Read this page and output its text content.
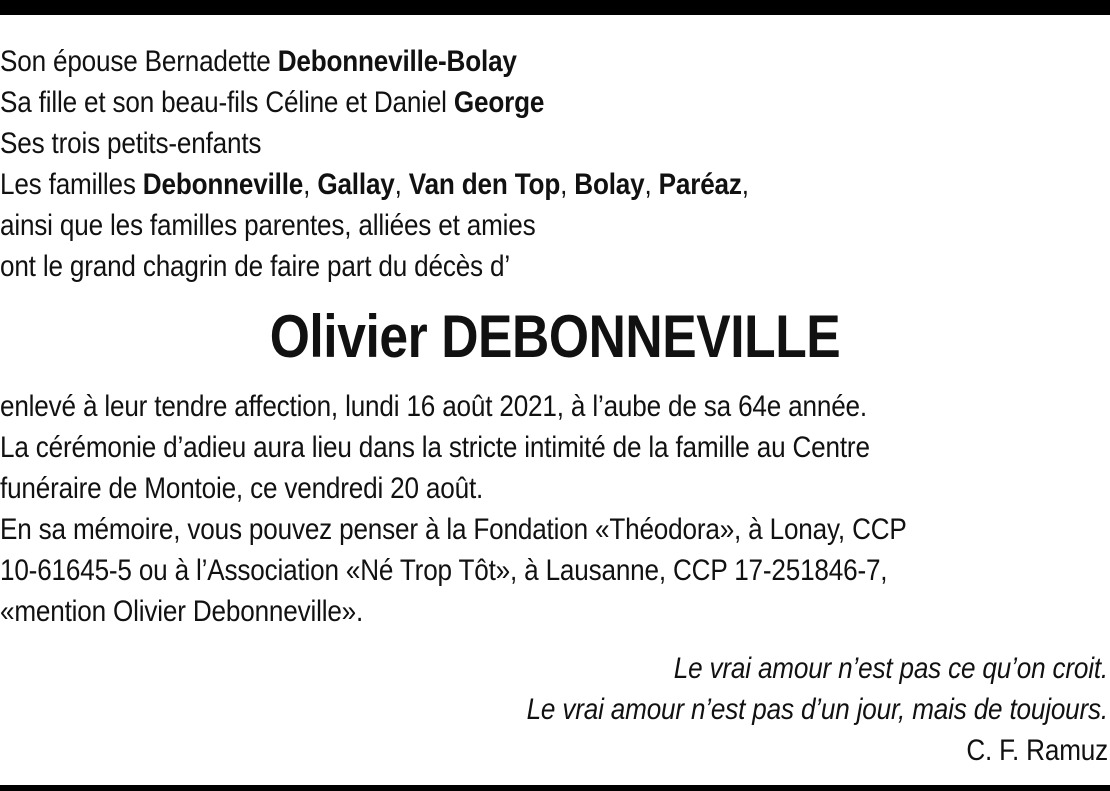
Son épouse Bernadette Debonneville-Bolay
Sa fille et son beau-fils Céline et Daniel George
Ses trois petits-enfants
Les familles Debonneville, Gallay, Van den Top, Bolay, Paréaz,
ainsi que les familles parentes, alliées et amies
ont le grand chagrin de faire part du décès d’
Olivier DEBONNEVILLE
enlevé à leur tendre affection, lundi 16 août 2021, à l’aube de sa 64e année.
La cérémonie d’adieu aura lieu dans la stricte intimité de la famille au Centre
funéraire de Montoie, ce vendredi 20 août.
En sa mémoire, vous pouvez penser à la Fondation «Théodora», à Lonay, CCP
10-61645-5 ou à l’Association «Né Trop Tôt», à Lausanne, CCP 17-251846-7,
«mention Olivier Debonneville».
Le vrai amour n’est pas ce qu’on croit.
Le vrai amour n’est pas d’un jour, mais de toujours.
C. F. Ramuz
